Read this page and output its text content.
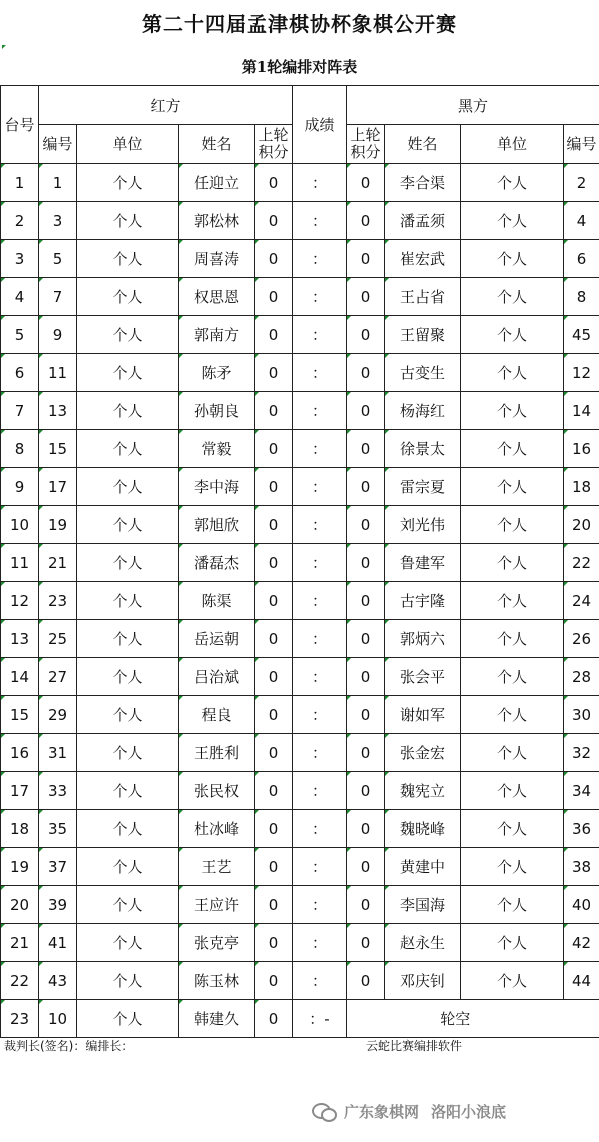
第二十四届孟津棋协杯象棋公开赛
第1轮编排对阵表
台号	红方				成绩	黑方			
	编号	单位	姓名	上轮积分		上轮积分	姓名	单位	编号

1	1	个人	任迎立	0	：	0	李合渠	个人	2

2	3	个人	郭松林	0	：	0	潘孟须	个人	4

3	5	个人	周喜涛	0	：	0	崔宏武	个人	6

4	7	个人	权思恩	0	：	0	王占省	个人	8

5	9	个人	郭南方	0	：	0	王留聚	个人	45

6	11	个人	陈矛	0	：	0	古变生	个人	12

7	13	个人	孙朝良	0	：	0	杨海红	个人	14

8	15	个人	常毅	0	：	0	徐景太	个人	16

9	17	个人	李中海	0	：	0	雷宗夏	个人	18

10	19	个人	郭旭欣	0	：	0	刘光伟	个人	20

11	21	个人	潘磊杰	0	：	0	鲁建军	个人	22

12	23	个人	陈渠	0	：	0	古宇隆	个人	24

13	25	个人	岳运朝	0	：	0	郭炳六	个人	26

14	27	个人	吕治斌	0	：	0	张会平	个人	28

15	29	个人	程良	0	：	0	谢如军	个人	30

16	31	个人	王胜利	0	：	0	张金宏	个人	32

17	33	个人	张民权	0	：	0	魏宪立	个人	34

18	35	个人	杜冰峰	0	：	0	魏晓峰	个人	36

19	37	个人	王艺	0	：	0	黄建中	个人	38

20	39	个人	王应许	0	：	0	李国海	个人	40

21	41	个人	张克亭	0	：	0	赵永生	个人	42

22	43	个人	陈玉林	0	：	0	邓庆钊	个人	44

23	10	个人	韩建久	0	：-	轮空			
裁判长(签名)：编排长：	云蛇比赛编排软件
广东象棋网 洛阳小浪底
